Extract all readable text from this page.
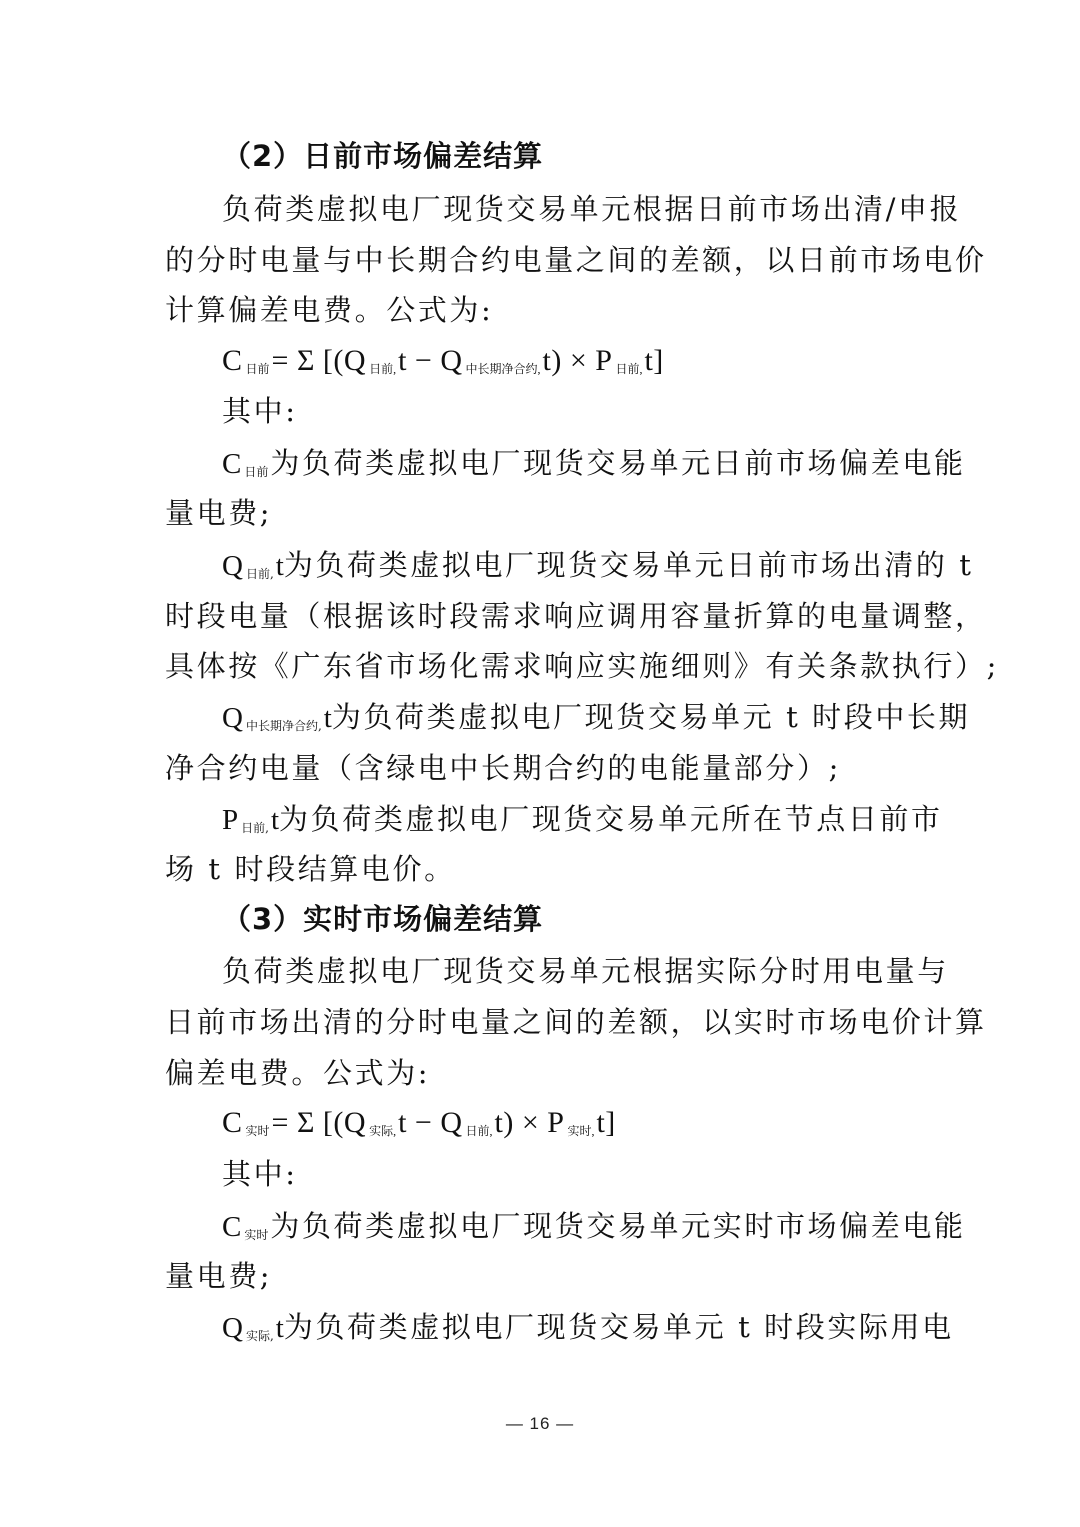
（2）日前市场偏差结算

负荷类虚拟电厂现货交易单元根据日前市场出清/申报

的分时电量与中长期合约电量之间的差额，以日前市场电价

计算偏差电费。公式为:

C日前= Σ [(Q 日前,t − Q 中长期净合约,t) × P 日前,t]

其中:

C日前为负荷类虚拟电厂现货交易单元日前市场偏差电能

量电费;

Q日前,t为负荷类虚拟电厂现货交易单元日前市场出清的 t

时段电量（根据该时段需求响应调用容量折算的电量调整，

具体按《广东省市场化需求响应实施细则》有关条款执行）;

Q中长期净合约,t为负荷类虚拟电厂现货交易单元 t 时段中长期

净合约电量（含绿电中长期合约的电能量部分）;

P日前,t为负荷类虚拟电厂现货交易单元所在节点日前市

场 t 时段结算电价。

（3）实时市场偏差结算

负荷类虚拟电厂现货交易单元根据实际分时用电量与

日前市场出清的分时电量之间的差额，以实时市场电价计算

偏差电费。公式为:

C实时= Σ [(Q 实际,t − Q 日前,t) × P 实时,t]

其中:

C实时为负荷类虚拟电厂现货交易单元实时市场偏差电能

量电费;

Q实际,t为负荷类虚拟电厂现货交易单元 t 时段实际用电

— 16 —
